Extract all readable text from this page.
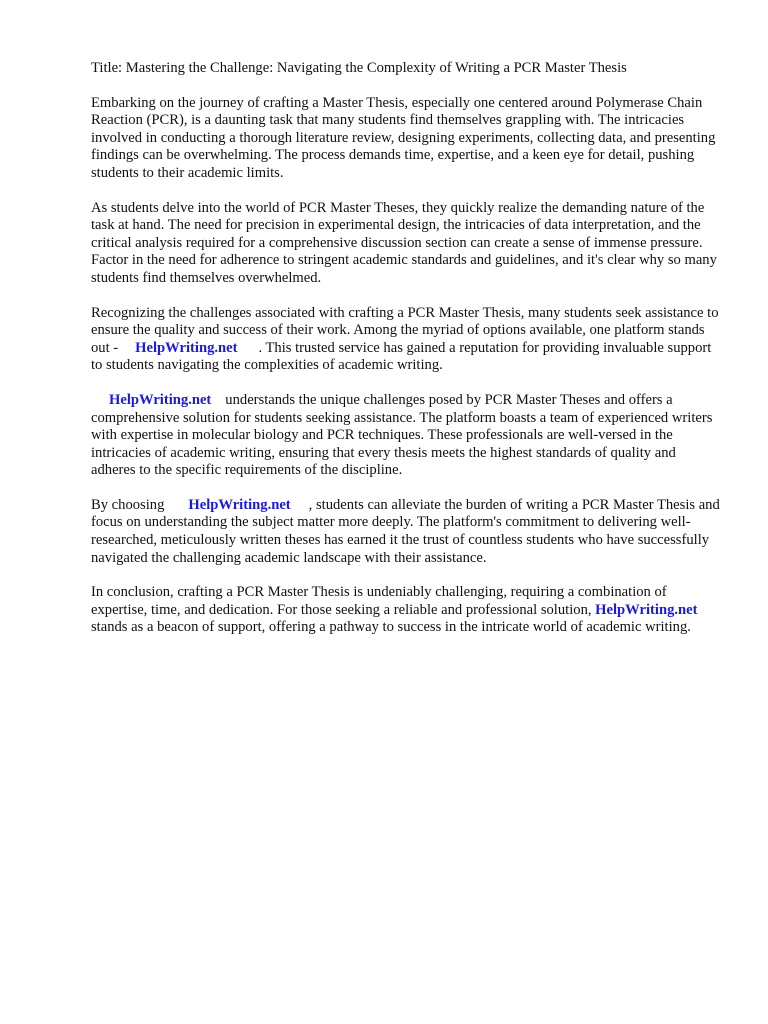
Title: Mastering the Challenge: Navigating the Complexity of Writing a PCR Master Thesis

Embarking on the journey of crafting a Master Thesis, especially one centered around Polymerase Chain Reaction (PCR), is a daunting task that many students find themselves grappling with. The intricacies involved in conducting a thorough literature review, designing experiments, collecting data, and presenting findings can be overwhelming. The process demands time, expertise, and a keen eye for detail, pushing students to their academic limits.

As students delve into the world of PCR Master Theses, they quickly realize the demanding nature of the task at hand. The need for precision in experimental design, the intricacies of data interpretation, and the critical analysis required for a comprehensive discussion section can create a sense of immense pressure. Factor in the need for adherence to stringent academic standards and guidelines, and it's clear why so many students find themselves overwhelmed.

Recognizing the challenges associated with crafting a PCR Master Thesis, many students seek assistance to ensure the quality and success of their work. Among the myriad of options available, one platform stands out - HelpWriting.net . This trusted service has gained a reputation for providing invaluable support to students navigating the complexities of academic writing.

HelpWriting.net understands the unique challenges posed by PCR Master Theses and offers a comprehensive solution for students seeking assistance. The platform boasts a team of experienced writers with expertise in molecular biology and PCR techniques. These professionals are well-versed in the intricacies of academic writing, ensuring that every thesis meets the highest standards of quality and adheres to the specific requirements of the discipline.

By choosing HelpWriting.net , students can alleviate the burden of writing a PCR Master Thesis and focus on understanding the subject matter more deeply. The platform's commitment to delivering well-researched, meticulously written theses has earned it the trust of countless students who have successfully navigated the challenging academic landscape with their assistance.

In conclusion, crafting a PCR Master Thesis is undeniably challenging, requiring a combination of expertise, time, and dedication. For those seeking a reliable and professional solution, HelpWriting.netstands as a beacon of support, offering a pathway to success in the intricate world of academic writing.
